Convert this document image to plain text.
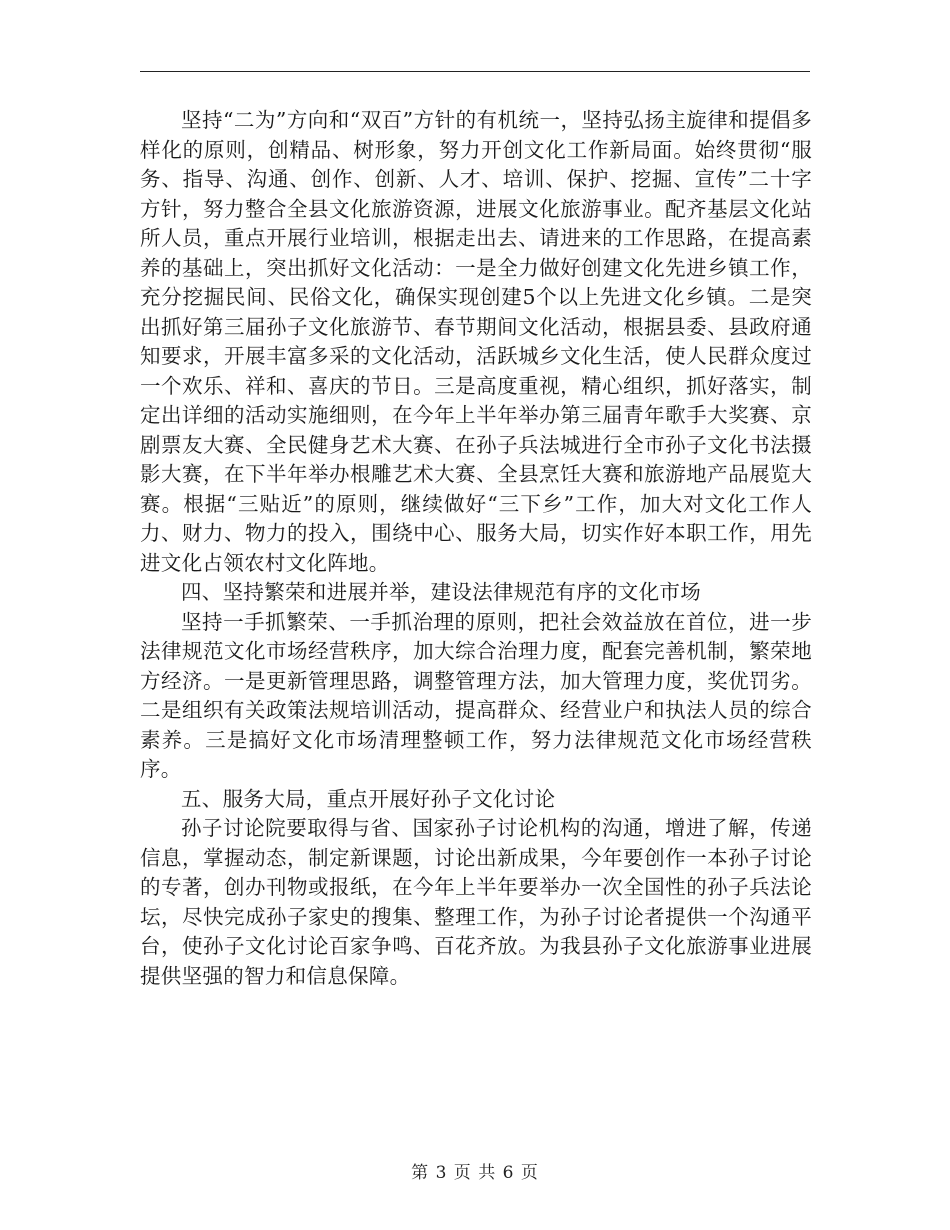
坚持“二为”方向和“双百”方针的有机统一，坚持弘扬主旋律和提倡多样化的原则，创精品、树形象，努力开创文化工作新局面。始终贯彻“服务、指导、沟通、创作、创新、人才、培训、保护、挖掘、宣传”二十字方针，努力整合全县文化旅游资源，进展文化旅游事业。配齐基层文化站所人员，重点开展行业培训，根据走出去、请进来的工作思路，在提高素养的基础上，突出抓好文化活动：一是全力做好创建文化先进乡镇工作，充分挖掘民间、民俗文化，确保实现创建5个以上先进文化乡镇。二是突出抓好第三届孙子文化旅游节、春节期间文化活动，根据县委、县政府通知要求，开展丰富多采的文化活动，活跃城乡文化生活，使人民群众度过一个欢乐、祥和、喜庆的节日。三是高度重视，精心组织，抓好落实，制定出详细的活动实施细则，在今年上半年举办第三届青年歌手大奖赛、京剧票友大赛、全民健身艺术大赛、在孙子兵法城进行全市孙子文化书法摄影大赛，在下半年举办根雕艺术大赛、全县烹饪大赛和旅游地产品展览大赛。根据“三贴近”的原则，继续做好“三下乡”工作，加大对文化工作人力、财力、物力的投入，围绕中心、服务大局，切实作好本职工作，用先进文化占领农村文化阵地。

四、坚持繁荣和进展并举，建设法律规范有序的文化市场

坚持一手抓繁荣、一手抓治理的原则，把社会效益放在首位，进一步法律规范文化市场经营秩序，加大综合治理力度，配套完善机制，繁荣地方经济。一是更新管理思路，调整管理方法，加大管理力度，奖优罚劣。二是组织有关政策法规培训活动，提高群众、经营业户和执法人员的综合素养。三是搞好文化市场清理整顿工作，努力法律规范文化市场经营秩序。

五、服务大局，重点开展好孙子文化讨论

孙子讨论院要取得与省、国家孙子讨论机构的沟通，增进了解，传递信息，掌握动态，制定新课题，讨论出新成果，今年要创作一本孙子讨论的专著，创办刊物或报纸，在今年上半年要举办一次全国性的孙子兵法论坛，尽快完成孙子家史的搜集、整理工作，为孙子讨论者提供一个沟通平台，使孙子文化讨论百家争鸣、百花齐放。为我县孙子文化旅游事业进展提供坚强的智力和信息保障。

第 3 页 共 6 页
